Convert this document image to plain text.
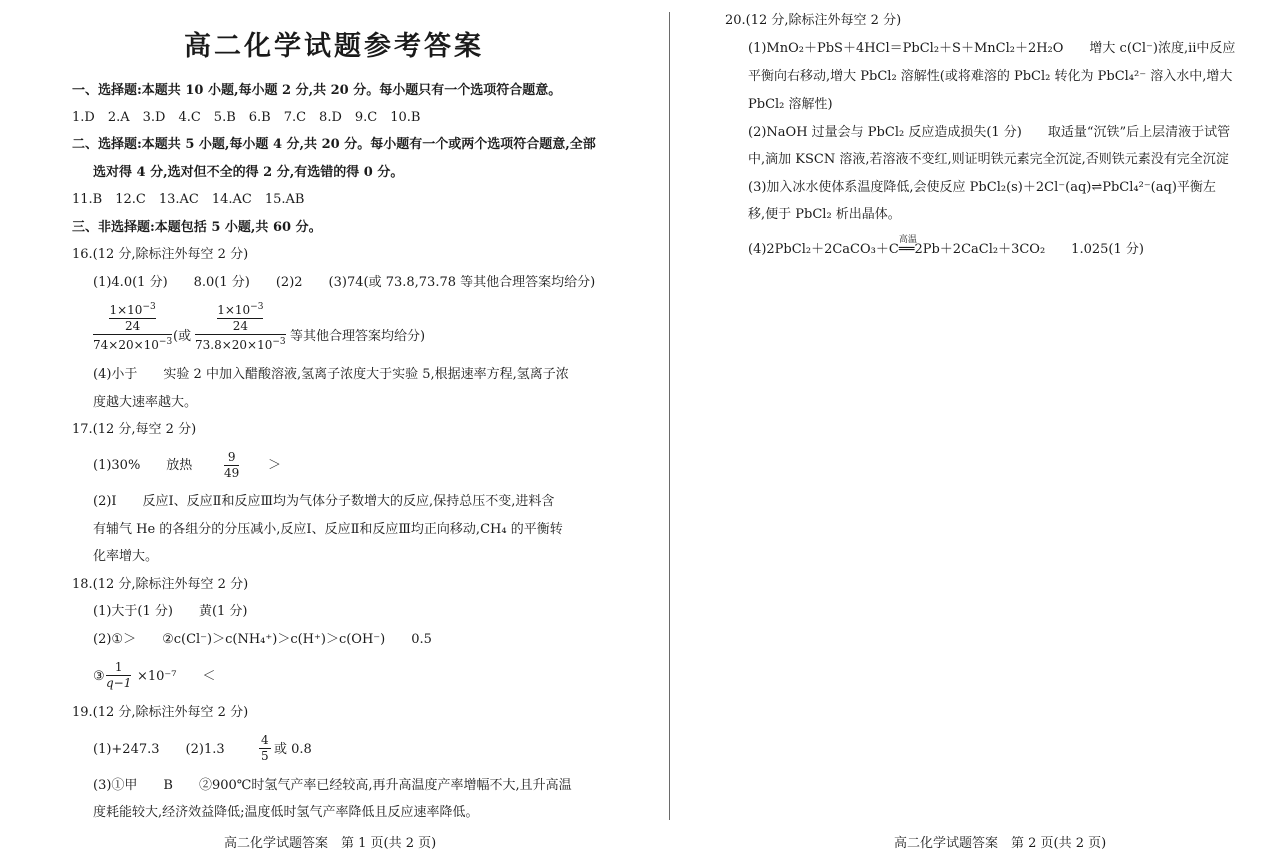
高二化学试题参考答案
一、选择题:本题共 10 小题,每小题 2 分,共 20 分。每小题只有一个选项符合题意。
1.D　2.A　3.D　4.C　5.B　6.B　7.C　8.D　9.C　10.B
二、选择题:本题共 5 小题,每小题 4 分,共 20 分。每小题有一个或两个选项符合题意,全部
选对得 4 分,选对但不全的得 2 分,有选错的得 0 分。
11.B　12.C　13.AC　14.AC　15.AB
三、非选择题:本题包括 5 小题,共 60 分。
16.(12 分,除标注外每空 2 分)
(1)4.0(1 分)　　8.0(1 分)　　(2)2　　(3)74(或 73.8,73.78 等其他合理答案均给分)
$1\times 10^{-3}$
24
$74\times 20\times 10^{-3}$ (或
$1\times 10^{-3}$
24
$73.8\times 20\times 10^{-3}$ 等其他合理答案均给分)
(4)小于　　实验 2 中加入醋酸溶液,氢离子浓度大于实验 5,根据速率方程,氢离子浓
度越大速率越大。
17.(12 分,每空 2 分)
(1)30%　　放热	$\frac{9}{49}$ ＞
(2)Ⅰ　　反应Ⅰ、反应Ⅱ和反应Ⅲ均为气体分子数增大的反应,保持总压不变,进料含
有辅气 He 的各组分的分压减小,反应Ⅰ、反应Ⅱ和反应Ⅲ均正向移动,CH₄ 的平衡转
化率增大。
18.(12 分,除标注外每空 2 分)
(1)大于(1 分)　　黄(1 分)
(2)①＞　　②c(Cl⁻)＞c(NH₄⁺)＞c(H⁺)＞c(OH⁻)　　0.5
③ $\frac{1}{q-1} \times 10^{-7}$　　＜
19.(12 分,除标注外每空 2 分)
(1)+247.3　　(2)1.3	$\frac{4}{5}$ 或 0.8
(3)①甲　　B　　②900℃时氢气产率已经较高,再升高温度产率增幅不大,且升高温
度耗能较大,经济效益降低;温度低时氢气产率降低且反应速率降低。
高二化学试题答案　第 1 页(共 2 页)
20.(12 分,除标注外每空 2 分)
(1)MnO₂＋PbS＋4HCl＝PbCl₂＋S＋MnCl₂＋2H₂O　　增大 c(Cl⁻)浓度,ⅱ中反应
平衡向右移动,增大 PbCl₂ 溶解性(或将难溶的 PbCl₂ 转化为 PbCl₄²⁻ 溶入水中,增大
PbCl₂ 溶解性)
(2)NaOH 过量会与 PbCl₂ 反应造成损失(1 分)　　取适量“沉铁”后上层清液于试管
中,滴加 KSCN 溶液,若溶液不变红,则证明铁元素完全沉淀,否则铁元素没有完全沉淀
(3)加入冰水使体系温度降低,会使反应 PbCl₂(s)＋2Cl⁻(aq)⇌PbCl₄²⁻(aq)平衡左
移,便于 PbCl₂ 析出晶体。
(4)2PbCl₂＋2CaCO₃＋C
高温
══2Pb＋2CaCl₂＋3CO₂　　1.025(1 分)
高二化学试题答案　第 2 页(共 2 页)
